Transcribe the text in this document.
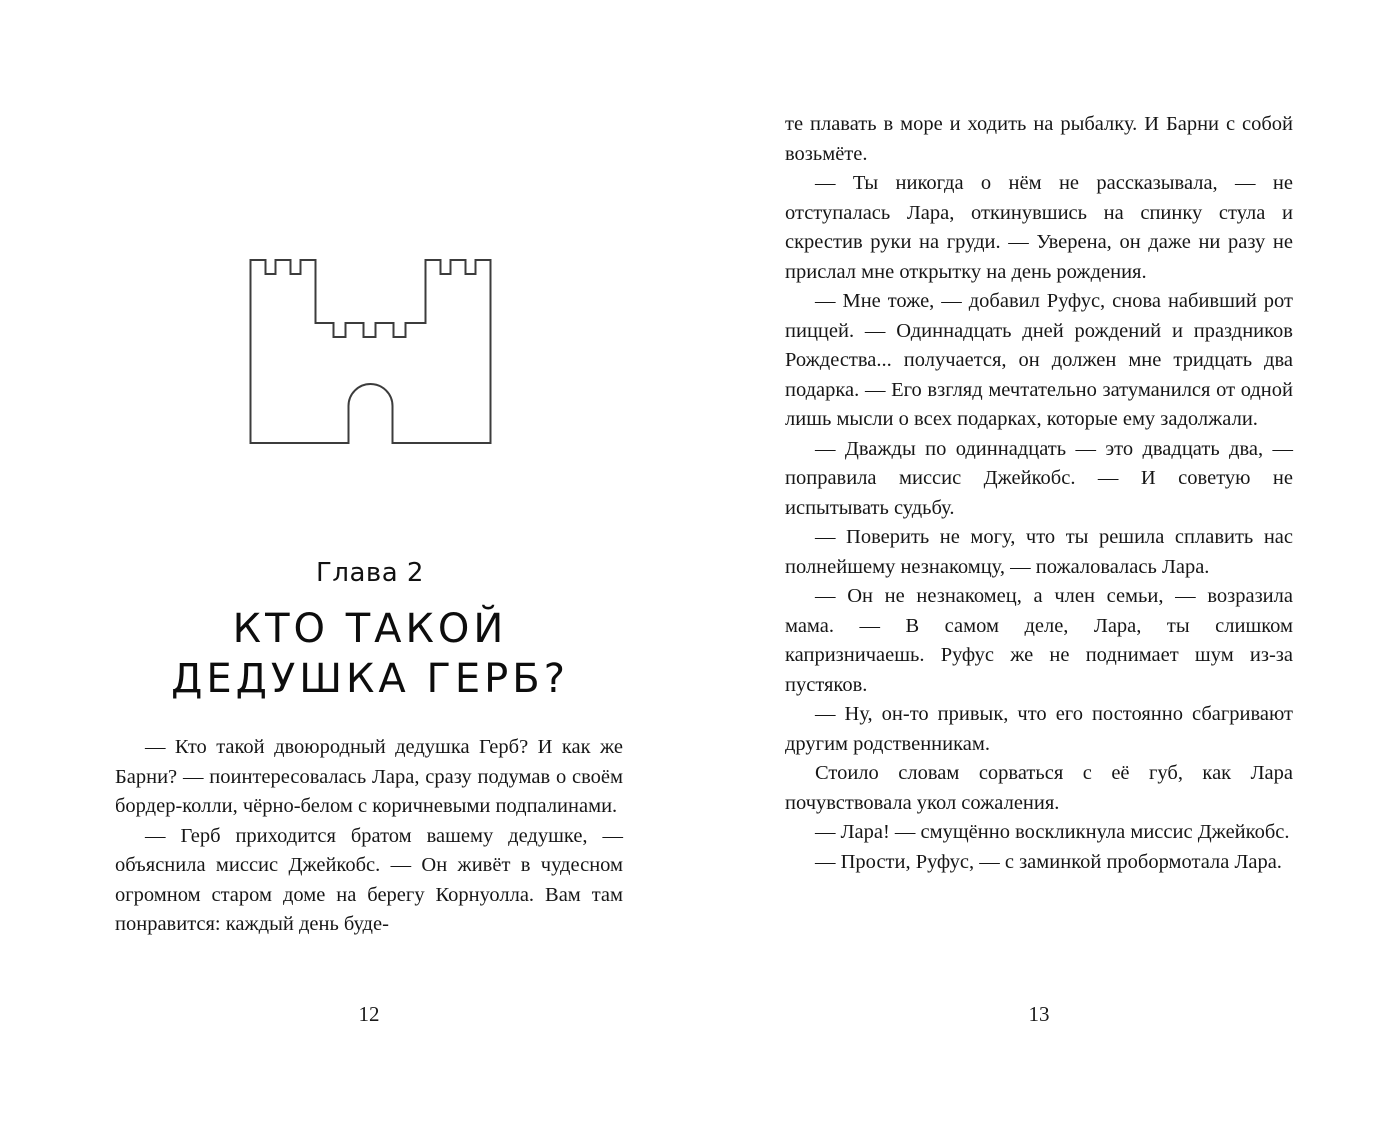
Глава 2
КТО ТАКОЙ
ДЕДУШКА ГЕРБ?

— Кто такой двоюродный дедушка Герб? И как же Барни? — поинтересовалась Лара, сразу подумав о своём бордер-колли, чёрно-белом с коричневыми подпалинами.

— Герб приходится братом вашему дедушке, — объяснила миссис Джейкобс. — Он живёт в чудесном огромном старом доме на берегу Корнуолла. Вам там понравится: каждый день буде-

12

те плавать в море и ходить на рыбалку. И Барни с собой возьмёте.

— Ты никогда о нём не рассказывала, — не отступалась Лара, откинувшись на спинку стула и скрестив руки на груди. — Уверена, он даже ни разу не прислал мне открытку на день рождения.

— Мне тоже, — добавил Руфус, снова набивший рот пиццей. — Одиннадцать дней рождений и праздников Рождества... получается, он должен мне тридцать два подарка. — Его взгляд мечтательно затуманился от одной лишь мысли о всех подарках, которые ему задолжали.

— Дважды по одиннадцать — это двадцать два, — поправила миссис Джейкобс. — И советую не испытывать судьбу.

— Поверить не могу, что ты решила сплавить нас полнейшему незнакомцу, — пожаловалась Лара.

— Он не незнакомец, а член семьи, — возразила мама. — В самом деле, Лара, ты слишком капризничаешь. Руфус же не поднимает шум из-за пустяков.

— Ну, он-то привык, что его постоянно сбагривают другим родственникам.

Стоило словам сорваться с её губ, как Лара почувствовала укол сожаления.

— Лара! — смущённо воскликнула миссис Джейкобс.

— Прости, Руфус, — с заминкой пробормотала Лара.

13
